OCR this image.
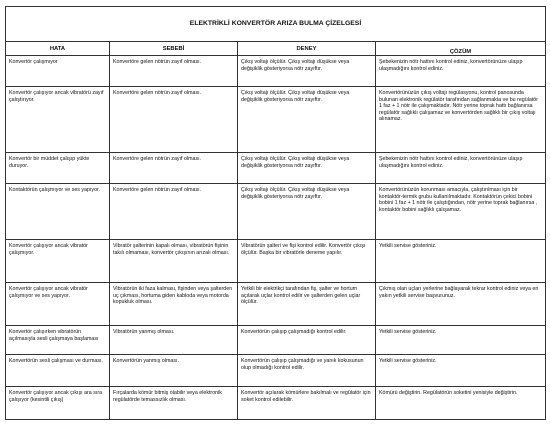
ELEKTRİKLİ KONVERTÖR ARIZA BULMA ÇİZELGESİ			
HATA	SEBEBİ	DENEY	ÇÖZÜM

Konvertör çalışmıyor	Konvertöre gelen nötrün zayıf olması.	Çıkış voltajı ölçülür. Çıkış voltajı düşükse veya değişiklik gösteriyorsa nötr zayıftır.	Şebekenizin nötr hattını kontrol ediniz, konvertörünüze ulaşıp ulaşmadığını kontrol ediniz.
Konvertör çalışıyor ancak vibratörü zayıf çalıştırıyor.	Konvertöre gelen nötrün zayıf olması.	Çıkış voltajı ölçülür. Çıkış voltajı düşükse veya değişiklik gösteriyorsa nötr zayıftır.	Konvertörünüzün çıkış voltajı regülasyonu, kontrol panosunda bulunan elektronik regülatör tarafından sağlanmakta ve bu regülatör 1 faz + 1 nötr ile çalışmaktadır. Nötr yerine toprak hattı bağlanırsa regülatör sağlıklı çalışamaz ve konvertörden sağlıklı bir çıkış voltajı alınamaz.
Konvertör bir müddet çalışıp yükte duruyor.	Konvertöre gelen nötrün zayıf olması.	Çıkış voltajı ölçülür. Çıkış voltajı düşükse veya değişiklik gösteriyorsa nötr zayıftır.	Şebekenizin nötr hattını kontrol ediniz, konvertörünüze ulaşıp ulaşmadığını kontrol ediniz.
Kontaktörün çalışmıyor ve ses yapıyor.	Konvertöre gelen nötrün zayıf olması.	Çıkış voltajı ölçülür. Çıkış voltajı düşükse veya değişiklik gösteriyorsa nötr zayıftır.	Konvertörünüzün korunması amacıyla, çalıştırılması için bir kontaktör-termik grubu kullanılmaktadır. Kontaktörün çekici bobini bobini 1 faz + 1 nötr ile çalıştığından, nötr yerine toprak bağlanırsa , kontaktör bobini sağlıklı çalışamaz.
Konvertör çalışıyor ancak vibratör çalışmıyor.	Vibratör şalterinin kapalı olması, vibratörün fişinin takılı olmaması, konvertör çıkışının arızalı olması.	Vibratörün şalteri ve fişi kontrol edilir. Konvertör çıkışı ölçülür. Başka bir vibratörle deneme yapılır.	Yetkili servise gösteriniz.
Konvertör çalışıyor ancak vibratör çalışmıyor ve ses yapıyor.	Vibratörün iki faza kalması, fişinden veya şalterden uç çıkması, hortuma giden kabloda veya motorda kopukluk olması.	Yetkili bir elektrikçi tarafından fiş, şalter ve hortum açılarak uçlar kontrol edilir ve şalterden gelen uçlar ölçülür.	Çıkmış olan uçları yerlerine bağlayarak tekrar kontrol ediniz veya en yakın yetkili servise başvurunuz.
Konvertör çalışırken vibratörün açılmasıyla sesli çalışmaya başlaması	Vibratörün yanmış olması.	Konvertörün çalışıp çalışmadığı kontrol edilir.	Yetkili servise gösteriniz.
Konvertörün sesli çalışması ve durması.	Konvertörün yanmış olması.	Konvertörün çalışıp çalışmadığı ve yanık kokusunun olup olmadığı kontrol edilir.	Yetkili servise gösteriniz.
Konvertör çalışıyor ancak çıkışı ara sıra çalışıyor (kesintili çıkış)	Fırçalarda kömür bitmiş olabilir veya elektronik regülatörde temassızlık olması.	Konvertör açılarak kömürlere bakılmalı ve regülatör için soket kontrol edilebilir.	Kömürü değiştirin. Regülatörün soketini yenisiyle değiştirin.
